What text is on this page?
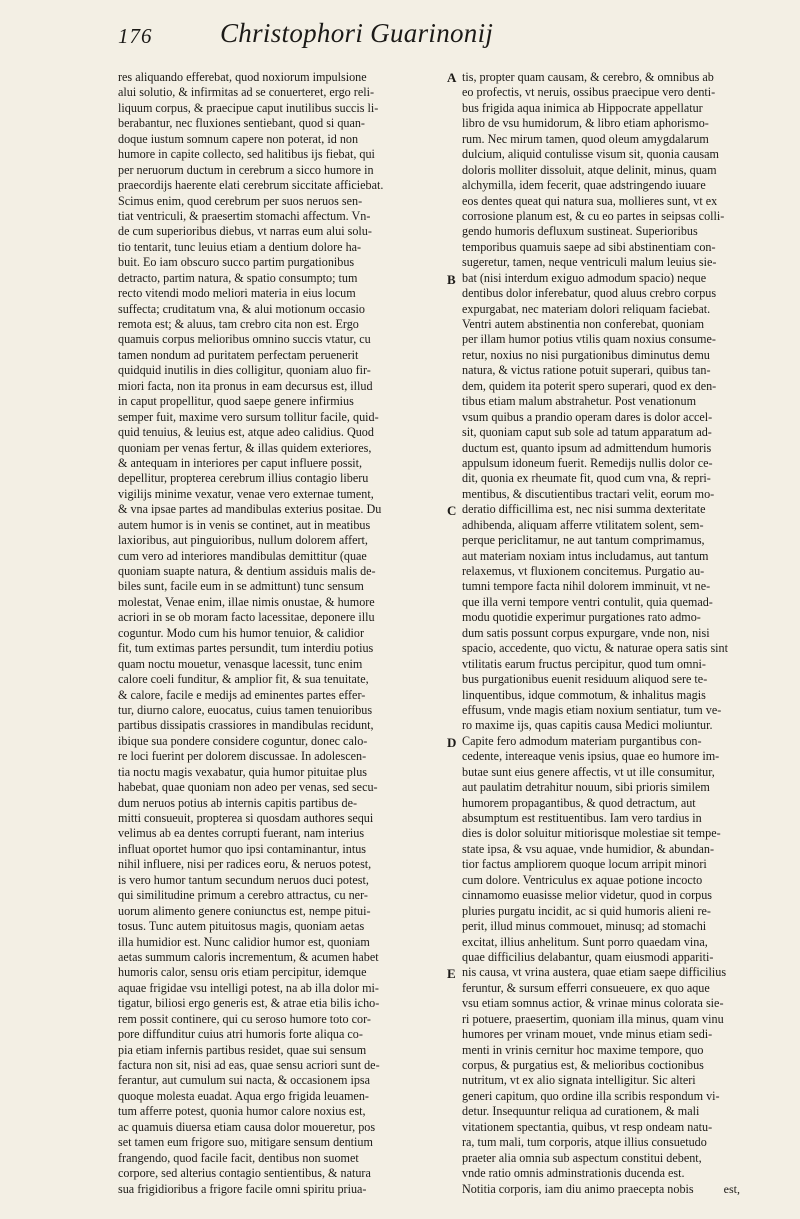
176	Christophori Guarinonij
res aliquando efferebat, quod noxiorum impulsione
alui solutio, & infirmitas ad se conuerteret, ergo reli-
liquum corpus, & praecipue caput inutilibus succis li-
berabantur, nec fluxiones sentiebant, quod si quan-
doque iustum somnum capere non poterat, id non
humore in capite collecto, sed halitibus ijs fiebat, qui
per neruorum ductum in cerebrum a sicco humore in
praecordijs haerente elati cerebrum siccitate afficiebat.
Scimus enim, quod cerebrum per suos neruos sen-
tiat ventriculi, & praesertim stomachi affectum. Vn-
de cum superioribus diebus, vt narras eum alui solu-
tio tentarit, tunc leuius etiam a dentium dolore ha-
buit. Eo iam obscuro succo partim purgationibus
detracto, partim natura, & spatio consumpto; tum
recto vitendi modo meliori materia in eius locum
suffecta; cruditatum vna, & alui motionum occasio
remota est; & aluus, tam crebro cita non est. Ergo
quamuis corpus melioribus omnino succis vtatur, cu
tamen nondum ad puritatem perfectam peruenerit
quidquid inutilis in dies colligitur, quoniam aluo fir-
miori facta, non ita pronus in eam decursus est, illud
in caput propellitur, quod saepe genere infirmius
semper fuit, maxime vero sursum tollitur facile, quid-
quid tenuius, & leuius est, atque adeo calidius. Quod
quoniam per venas fertur, & illas quidem exteriores,
& antequam in interiores per caput influere possit,
depellitur, propterea cerebrum illius contagio liberu
vigilijs minime vexatur, venae vero externae tument,
& vna ipsae partes ad mandibulas exterius positae. Du
autem humor is in venis se continet, aut in meatibus
laxioribus, aut pinguioribus, nullum dolorem affert,
cum vero ad interiores mandibulas demittitur (quae
quoniam suapte natura, & dentium assiduis malis de-
biles sunt, facile eum in se admittunt) tunc sensum
molestat, Venae enim, illae nimis onustae, & humore
acriori in se ob moram facto lacessitae, deponere illu
coguntur. Modo cum his humor tenuior, & calidior
fit, tum extimas partes persundit, tum interdiu potius
quam noctu mouetur, venasque lacessit, tunc enim
calore coeli funditur, & amplior fit, & sua tenuitate,
& calore, facile e medijs ad eminentes partes effer-
tur, diurno calore, euocatus, cuius tamen tenuioribus
partibus dissipatis crassiores in mandibulas recidunt,
ibique sua pondere considere coguntur, donec calo-
re loci fuerint per dolorem discussae. In adolescen-
tia noctu magis vexabatur, quia humor pituitae plus
habebat, quae quoniam non adeo per venas, sed secu-
dum neruos potius ab internis capitis partibus de-
mitti consueuit, propterea si quosdam authores sequi
velimus ab ea dentes corrupti fuerant, nam interius
influat oportet humor quo ipsi contaminantur, intus
nihil influere, nisi per radices eoru, & neruos potest,
is vero humor tantum secundum neruos duci potest,
qui similitudine primum a cerebro attractus, cu ner-
uorum alimento genere coniunctus est, nempe pitui-
tosus. Tunc autem pituitosus magis, quoniam aetas
illa humidior est. Nunc calidior humor est, quoniam
aetas summum caloris incrementum, & acumen habet
humoris calor, sensu oris etiam percipitur, idemque
aquae frigidae vsu intelligi potest, na ab illa dolor mi-
tigatur, biliosi ergo generis est, & atrae etia bilis icho-
rem possit continere, qui cu seroso humore toto cor-
pore diffunditur cuius atri humoris forte aliqua co-
pia etiam infernis partibus residet, quae sui sensum
factura non sit, nisi ad eas, quae sensu acriori sunt de-
ferantur, aut cumulum sui nacta, & occasionem ipsa
quoque molesta euadat. Aqua ergo frigida leuamen-
tum afferre potest, quonia humor calore noxius est,
ac quamuis diuersa etiam causa dolor moueretur, pos
set tamen eum frigore suo, mitigare sensum dentium
frangendo, quod facile facit, dentibus non suomet
corpore, sed alterius contagio sentientibus, & natura
sua frigidioribus a frigore facile omni spiritu priua-
tis, propter quam causam, & cerebro, & omnibus ab
eo profectis, vt neruis, ossibus praecipue vero denti-
bus frigida aqua inimica ab Hippocrate appellatur
libro de vsu humidorum, & libro etiam aphorismo-
rum. Nec mirum tamen, quod oleum amygdalarum
dulcium, aliquid contulisse visum sit, quonia causam
doloris molliter dissoluit, atque delinit, minus, quam
alchymilla, idem fecerit, quae adstringendo iuuare
eos dentes queat qui natura sua, mollieres sunt, vt ex
corrosione planum est, & cu eo partes in seipsas colli-
gendo humoris defluxum sustineat. Superioribus
temporibus quamuis saepe ad sibi abstinentiam con-
sugeretur, tamen, neque ventriculi malum leuius sie-
bat (nisi interdum exiguo admodum spacio) neque
dentibus dolor inferebatur, quod aluus crebro corpus
expurgabat, nec materiam dolori reliquam faciebat.
Ventri autem abstinentia non conferebat, quoniam
per illam humor potius vtilis quam noxius consume-
retur, noxius no nisi purgationibus diminutus demu
natura, & victus ratione potuit superari, quibus tan-
dem, quidem ita poterit spero superari, quod ex den-
tibus etiam malum abstrahetur. Post venationum
vsum quibus a prandio operam dares is dolor accel-
sit, quoniam caput sub sole ad tatum apparatum ad-
ductum est, quanto ipsum ad admittendum humoris
appulsum idoneum fuerit. Remedijs nullis dolor ce-
dit, quonia ex rheumate fit, quod cum vna, & repri-
mentibus, & discutientibus tractari velit, eorum mo-
deratio difficillima est, nec nisi summa dexteritate
adhibenda, aliquam afferre vtilitatem solent, sem-
perque periclitamur, ne aut tantum comprimamus,
aut materiam noxiam intus includamus, aut tantum
relaxemus, vt fluxionem concitemus. Purgatio au-
tumni tempore facta nihil dolorem imminuit, vt ne-
que illa verni tempore ventri contulit, quia quemad-
modu quotidie experimur purgationes rato admo-
dum satis possunt corpus expurgare, vnde non, nisi
spacio, accedente, quo victu, & naturae opera satis sint
vtilitatis earum fructus percipitur, quod tum omni-
bus purgationibus euenit residuum aliquod sere te-
linquentibus, idque commotum, & inhalitus magis
effusum, vnde magis etiam noxium sentiatur, tum ve-
ro maxime ijs, quas capitis causa Medici moliuntur.
Capite fero admodum materiam purgantibus con-
cedente, intereaque venis ipsius, quae eo humore im-
butae sunt eius genere affectis, vt ut ille consumitur,
aut paulatim detrahitur nouum, sibi prioris similem
humorem propagantibus, & quod detractum, aut
absumptum est restituentibus. Iam vero tardius in
dies is dolor soluitur mitiorisque molestiae sit tempe-
state ipsa, & vsu aquae, vnde humidior, & abundan-
tior factus ampliorem quoque locum arripit minori
cum dolore. Ventriculus ex aquae potione incocto
cinnamomo euasisse melior videtur, quod in corpus
pluries purgatu incidit, ac si quid humoris alieni re-
perit, illud minus commouet, minusq; ad stomachi
excitat, illius anhelitum. Sunt porro quaedam vina,
quae difficilius delabantur, quam eiusmodi appariti-
nis causa, vt vrina austera, quae etiam saepe difficilius
feruntur, & sursum efferri consueuere, ex quo aque
vsu etiam somnus actior, & vrinae minus colorata sie-
ri potuere, praesertim, quoniam illa minus, quam vinu
humores per vrinam mouet, vnde minus etiam sedi-
menti in vrinis cernitur hoc maxime tempore, quo
corpus, & purgatius est, & melioribus coctionibus
nutritum, vt ex alio signata intelligitur. Sic alteri
generi capitum, quo ordine illa scribis respondum vi-
detur. Insequuntur reliqua ad curationem, & mali
vitationem spectantia, quibus, vt resp ondeam natu-
ra, tum mali, tum corporis, atque illius consuetudo
praeter alia omnia sub aspectum constitui debent,
vnde ratio omnis adminstrationis ducenda est.
Notitia corporis, iam diu animo praecepta nobis
A
B
C
D
E
est,
